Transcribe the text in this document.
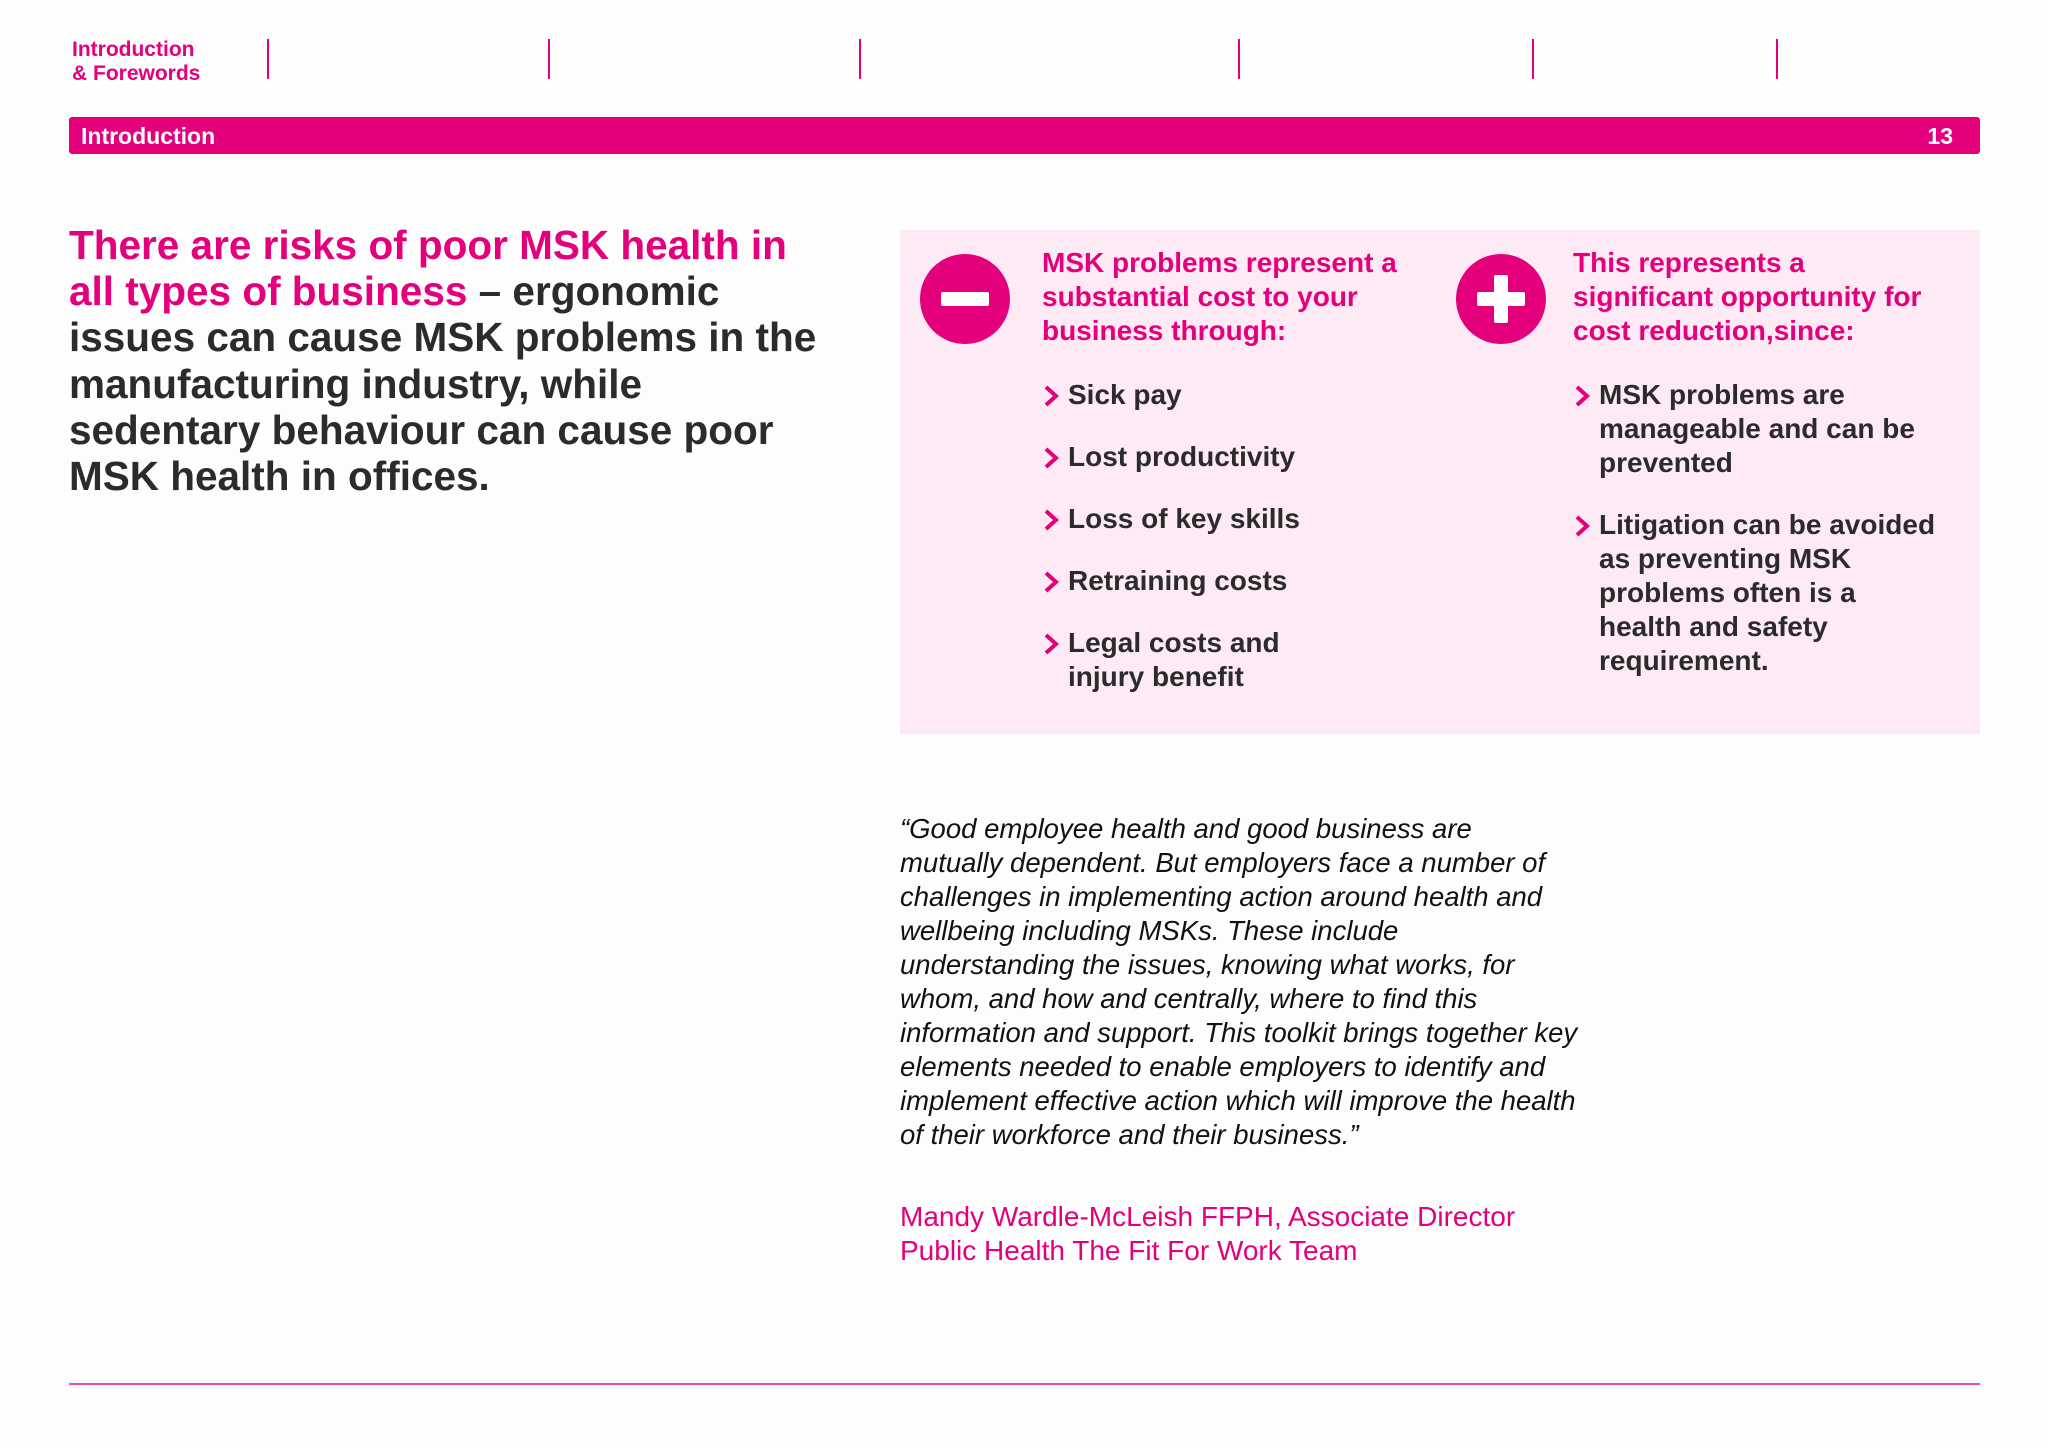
Introduction
& Forewords
Introduction	13
There are risks of poor MSK health in all types of business – ergonomic issues can cause MSK problems in the manufacturing industry, while sedentary behaviour can cause poor MSK health in offices.
MSK problems represent a substantial cost to your business through:
Sick pay
Lost productivity
Loss of key skills
Retraining costs
Legal costs and injury benefit
This represents a significant opportunity for cost reduction,since:
MSK problems are manageable and can be prevented
Litigation can be avoided as preventing MSK problems often is a health and safety requirement.
“Good employee health and good business are mutually dependent. But employers face a number of challenges in implementing action around health and wellbeing including MSKs. These include understanding the issues, knowing what works, for whom, and how and centrally, where to find this information and support. This toolkit brings together key elements needed to enable employers to identify and implement effective action which will improve the health of their workforce and their business.”
Mandy Wardle-McLeish FFPH, Associate Director Public Health The Fit For Work Team
